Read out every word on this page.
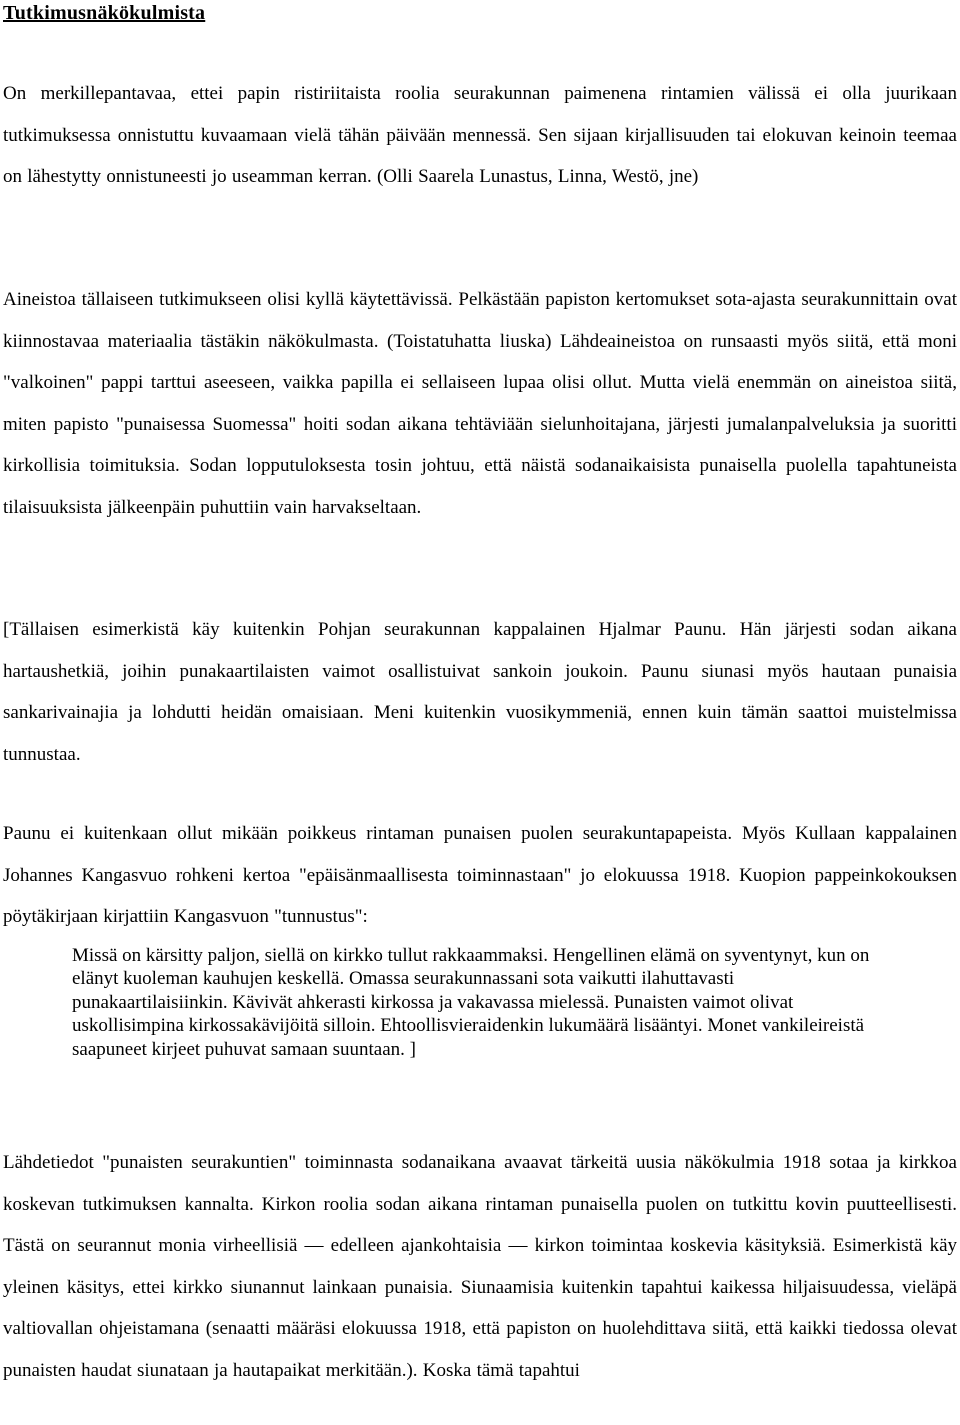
Tutkimusnäkökulmista

On merkillepantavaa, ettei papin ristiriitaista roolia seurakunnan paimenena rintamien välissä ei olla juurikaan tutkimuksessa onnistuttu kuvaamaan vielä tähän päivään mennessä. Sen sijaan kirjallisuuden tai elokuvan keinoin teemaa on lähestytty onnistuneesti jo useamman kerran. (Olli Saarela Lunastus, Linna, Westö, jne)

Aineistoa tällaiseen tutkimukseen olisi kyllä käytettävissä. Pelkästään papiston kertomukset sota-ajasta seurakunnittain ovat kiinnostavaa materiaalia tästäkin näkökulmasta. (Toistatuhatta liuska) Lähdeaineistoa on runsaasti myös siitä, että moni "valkoinen" pappi tarttui aseeseen, vaikka papilla ei sellaiseen lupaa olisi ollut. Mutta vielä enemmän on aineistoa siitä, miten papisto "punaisessa Suomessa" hoiti sodan aikana tehtäviään sielunhoitajana, järjesti jumalanpalveluksia ja suoritti kirkollisia toimituksia. Sodan lopputuloksesta tosin johtuu, että näistä sodanaikaisista punaisella puolella tapahtuneista tilaisuuksista jälkeenpäin puhuttiin vain harvakseltaan.

[Tällaisen esimerkistä käy kuitenkin Pohjan seurakunnan kappalainen Hjalmar Paunu. Hän järjesti sodan aikana hartaushetkiä, joihin punakaartilaisten vaimot osallistuivat sankoin joukoin. Paunu siunasi myös hautaan punaisia sankarivainajia ja lohdutti heidän omaisiaan. Meni kuitenkin vuosikymmeniä, ennen kuin tämän saattoi muistelmissa tunnustaa.

Paunu ei kuitenkaan ollut mikään poikkeus rintaman punaisen puolen seurakuntapapeista. Myös Kullaan kappalainen Johannes Kangasvuo rohkeni kertoa "epäisänmaallisesta toiminnastaan" jo elokuussa 1918. Kuopion pappeinkokouksen pöytäkirjaan kirjattiin Kangasvuon "tunnustus":

Missä on kärsitty paljon, siellä on kirkko tullut rakkaammaksi. Hengellinen elämä on syventynyt, kun on elänyt kuoleman kauhujen keskellä. Omassa seurakunnassani sota vaikutti ilahuttavasti punakaartilaisiinkin. Kävivät ahkerasti kirkossa ja vakavassa mielessä. Punaisten vaimot olivat uskollisimpina kirkossakävijöitä silloin. Ehtoollisvieraidenkin lukumäärä lisääntyi. Monet vankileireistä saapuneet kirjeet puhuvat samaan suuntaan. ]

Lähdetiedot "punaisten seurakuntien" toiminnasta sodanaikana avaavat tärkeitä uusia näkökulmia 1918 sotaa ja kirkkoa koskevan tutkimuksen kannalta. Kirkon roolia sodan aikana rintaman punaisella puolen on tutkittu kovin puutteellisesti. Tästä on seurannut monia virheellisiä ― edelleen ajankohtaisia ― kirkon toimintaa koskevia käsityksiä. Esimerkistä käy yleinen käsitys, ettei kirkko siunannut lainkaan punaisia. Siunaamisia kuitenkin tapahtui kaikessa hiljaisuudessa, vieläpä valtiovallan ohjeistamana (senaatti määräsi elokuussa 1918, että papiston on huolehdittava siitä, että kaikki tiedossa olevat punaisten haudat siunataan ja hautapaikat merkitään.). Koska tämä tapahtui
